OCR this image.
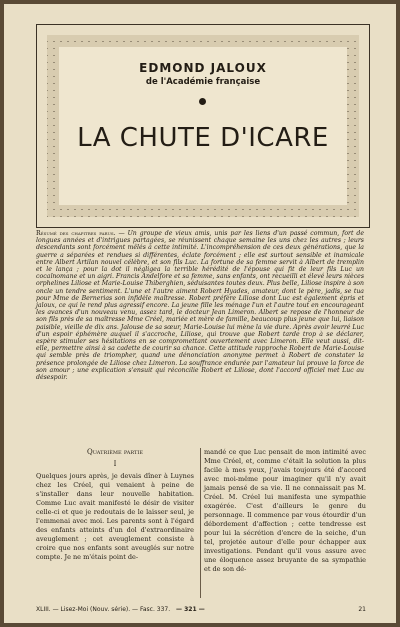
EDMOND JALOUX
de l'Académie française
LA CHUTE D'ICARE
Résumé des chapitres parus. — Un groupe de vieux amis, unis par les liens d'un passé commun, fort de longues années et d'intrigues partagées, se réunissent chaque semaine les uns chez les autres ; leurs descendants sont forcément mêlés à cette intimité. L'incompréhension de ces deux générations, que la guerre a séparées et rendues si différentes, éclate forcément ; elle est surtout sensible et inamicale entre Albert Artilan nouvel célèbre, et son fils Luc. La fortune de sa femme servit à Albert de tremplin et le lança ; pour la dot il négligea la terrible hérédité de l'épouse qui fit de leur fils Luc un cocaïnomane et un aigri. Francis Andelfore et sa femme, sans enfants, ont recueilli et élevé leurs nièces orphelines Liliose et Marie-Louise Thiberghien, séduisantes toutes deux. Plus belle, Liliose inspire à son oncle un tendre sentiment. L'une et l'autre aiment Robert Hyades, amateur, dont le père, jadis, se tua pour Mme de Bernerias son infidèle maîtresse. Robert préfère Liliose dont Luc est également épris et jaloux, ce qui le rend plus agressif encore. La jeune fille les ménage l'un et l'autre tout en encourageant les avances d'un nouveau venu, assez tard, le docteur Jean Limeron. Albert se repose de l'honneur de son fils près de sa maîtresse Mme Créel, mariée et mère de famille, beaucoup plus jeune que lui, liaison paisible, vieille de dix ans. Jalouse de sa sœur, Marie-Louise lui mène la vie dure. Après avoir leurré Luc d'un espoir éphémère auquel il s'accroche, Liliose, qui trouve que Robert tarde trop à se déclarer, espère stimuler ses hésitations en se compromettant ouvertement avec Limeron. Elle veut aussi, dit-elle, permettre ainsi à sa cadette de courir sa chance. Cette attitude rapproche Robert de Marie-Louise qui semble près de triompher, quand une dénonciation anonyme permet à Robert de constater la présence prolongée de Liliose chez Limeron. La souffrance endurée par l'amateur lui prouve la force de son amour ; une explication s'ensuit qui réconcilie Robert et Liliose, dont l'accord officiel met Luc au désespoir.
Quatrième partie
I
Quelques jours après, je devais dîner à Luynes chez les Créel, qui venaient à peine de s'installer dans leur nouvelle habitation. Comme Luc avait manifesté le désir de visiter celle-ci et que je redoutais de le laisser seul, je l'emmenai avec moi. Les parents sont à l'égard des enfants atteints d'un dol d'extraordinaire aveuglement ; cet aveuglement consiste à croire que nos enfants sont aveuglés sur notre compte. Je ne m'étais point de-
mandé ce que Luc pensait de mon intimité avec Mme Créel, et, comme c'était la solution la plus facile à mes yeux, j'avais toujours été d'accord avec moi-même pour imaginer qu'il n'y avait jamais pensé de sa vie. Il ne connaissait pas M. Créel. M. Créel lui manifesta une sympathie exagérée. C'est d'ailleurs le genre du personnage. Il commence par vous étourdir d'un débordement d'affection ; cette tendresse est pour lui la sécrétion d'encre de la seiche, d'un tel, projetée autour d'elle pour échapper aux investigations. Pendant qu'il vous assure avec une éloquence assez bruyante de sa sympathie et de son dé-
XLIII. — Lisez-Moi (Nouv. série). — Fasc. 337. — 321 —	21
